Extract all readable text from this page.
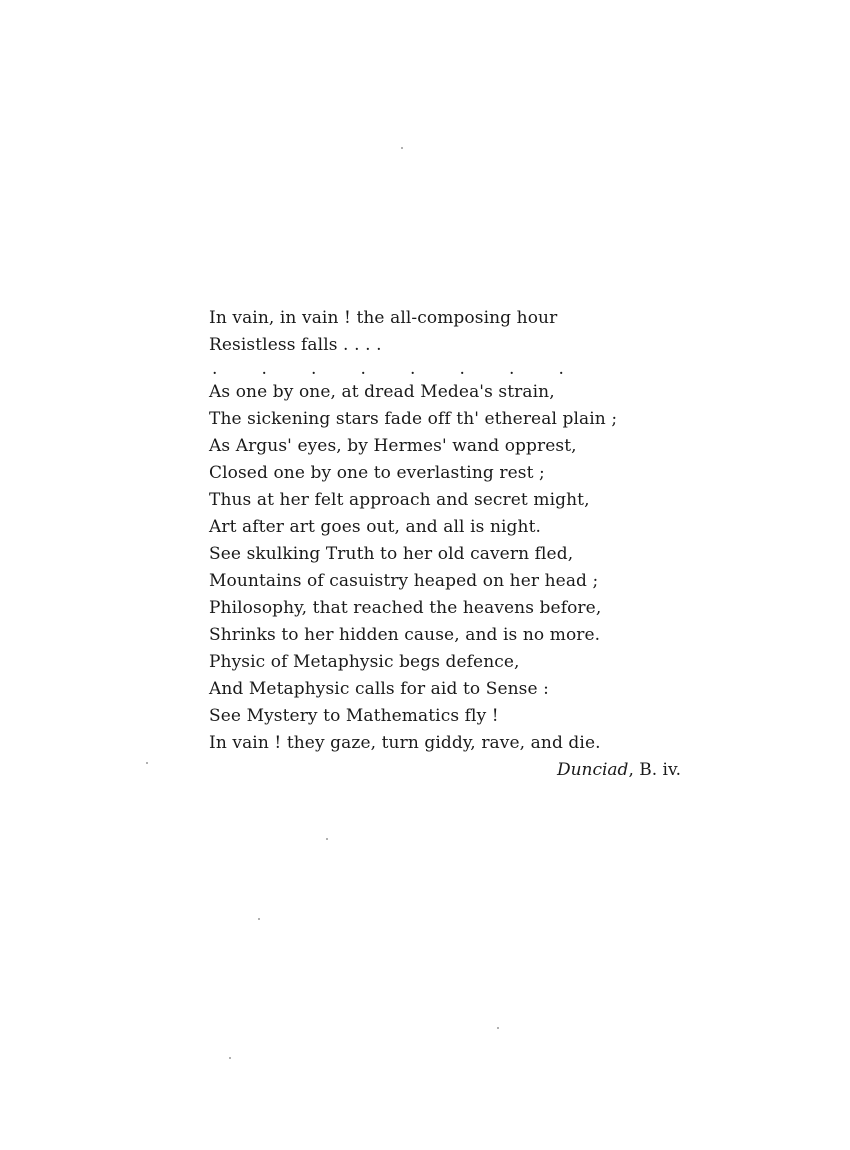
In vain, in vain ! the all-composing hour
Resistless falls . . . .
.	.	.	.	.	.	.	.
As one by one, at dread Medea's strain,
The sickening stars fade off th' ethereal plain ;
As Argus' eyes, by Hermes' wand opprest,
Closed one by one to everlasting rest ;
Thus at her felt approach and secret might,
Art after art goes out, and all is night.
See skulking Truth to her old cavern fled,
Mountains of casuistry heaped on her head ;
Philosophy, that reached the heavens before,
Shrinks to her hidden cause, and is no more.
Physic of Metaphysic begs defence,
And Metaphysic calls for aid to Sense :
See Mystery to Mathematics fly !
In vain ! they gaze, turn giddy, rave, and die.
Dunciad, B. iv.
